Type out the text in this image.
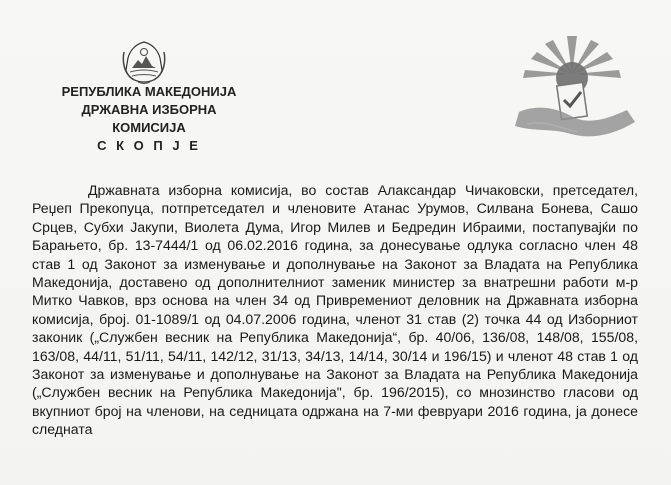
РЕПУБЛИКА МАКЕДОНИЈА
ДРЖАВНА ИЗБОРНА КОМИСИЈА
С К О П Ј Е

Државната изборна комисија, во состав Алаксандар Чичаковски, претседател, Реџеп Прекопуца, потпретседател и членовите Атанас Урумов, Силвана Бонева, Сашо Срцев, Субхи Јакупи, Виолета Дума, Игор Милев и Бедредин Ибраими, постапувајќи по Барањето, бр. 13-7444/1 од 06.02.2016 година, за донесување одлука согласно член 48 став 1 од Законот за изменување и дополнување на Законот за Владата на Република Македонија, доставено од дополнителниот заменик министер за внатрешни работи м-р Митко Чавков, врз основа на член 34 од Привремениот деловник на Државната изборна комисија, број. 01-1089/1 од 04.07.2006 година, членот 31 став (2) точка 44 од Изборниот законик („Службен весник на Република Македонија“, бр. 40/06, 136/08, 148/08, 155/08, 163/08, 44/11, 51/11, 54/11, 142/12, 31/13, 34/13, 14/14, 30/14 и 196/15) и членот 48 став 1 од Законот за изменување и дополнување на Законот за Владата на Република Македонија („Службен весник на Република Македонија", бр. 196/2015), со мнозинство гласови од вкупниот број на членови, на седницата одржана на 7-ми февруари 2016 година, ја донесе следната
